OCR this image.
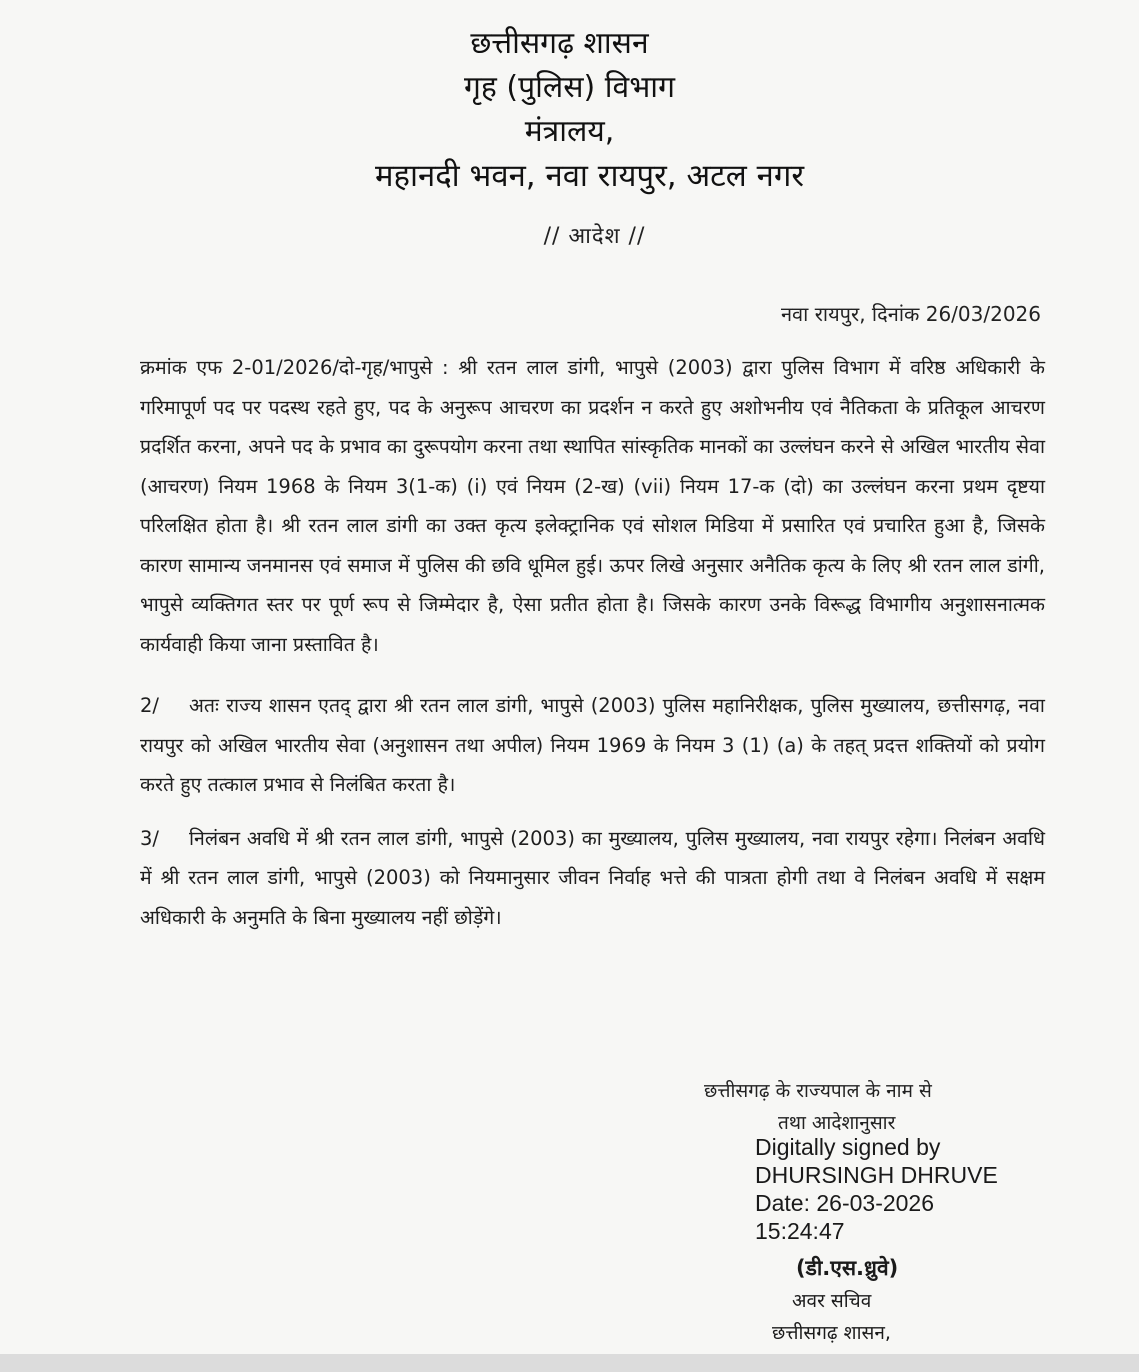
छत्तीसगढ़ शासन
गृह (पुलिस) विभाग
मंत्रालय,
महानदी भवन, नवा रायपुर, अटल नगर
// आदेश //
नवा रायपुर, दिनांक 26/03/2026

क्रमांक एफ 2-01/2026/दो-गृह/भापुसे : श्री रतन लाल डांगी, भापुसे (2003) द्वारा पुलिस विभाग में वरिष्ठ अधिकारी के गरिमापूर्ण पद पर पदस्थ रहते हुए, पद के अनुरूप आचरण का प्रदर्शन न करते हुए अशोभनीय एवं नैतिकता के प्रतिकूल आचरण प्रदर्शित करना, अपने पद के प्रभाव का दुरूपयोग करना तथा स्थापित सांस्कृतिक मानकों का उल्लंघन करने से अखिल भारतीय सेवा (आचरण) नियम 1968 के नियम 3(1-क) (i) एवं नियम (2-ख) (vii) नियम 17-क (दो) का उल्लंघन करना प्रथम दृष्टया परिलक्षित होता है। श्री रतन लाल डांगी का उक्त कृत्य इलेक्ट्रानिक एवं सोशल मिडिया में प्रसारित एवं प्रचारित हुआ है, जिसके कारण सामान्य जनमानस एवं समाज में पुलिस की छवि धूमिल हुई। ऊपर लिखे अनुसार अनैतिक कृत्य के लिए श्री रतन लाल डांगी, भापुसे व्यक्तिगत स्तर पर पूर्ण रूप से जिम्मेदार है, ऐसा प्रतीत होता है। जिसके कारण उनके विरूद्ध विभागीय अनुशासनात्मक कार्यवाही किया जाना प्रस्तावित है।

2/ अतः राज्य शासन एतद् द्वारा श्री रतन लाल डांगी, भापुसे (2003) पुलिस महानिरीक्षक, पुलिस मुख्यालय, छत्तीसगढ़, नवा रायपुर को अखिल भारतीय सेवा (अनुशासन तथा अपील) नियम 1969 के नियम 3 (1) (a) के तहत् प्रदत्त शक्तियों को प्रयोग करते हुए तत्काल प्रभाव से निलंबित करता है।

3/ निलंबन अवधि में श्री रतन लाल डांगी, भापुसे (2003) का मुख्यालय, पुलिस मुख्यालय, नवा रायपुर रहेगा। निलंबन अवधि में श्री रतन लाल डांगी, भापुसे (2003) को नियमानुसार जीवन निर्वाह भत्ते की पात्रता होगी तथा वे निलंबन अवधि में सक्षम अधिकारी के अनुमति के बिना मुख्यालय नहीं छोड़ेंगे।

छत्तीसगढ़ के राज्यपाल के नाम से
तथा आदेशानुसार
Digitally signed by
DHURSINGH DHRUVE
Date: 26-03-2026
15:24:47
(डी.एस.ध्रुवे)
अवर सचिव
छत्तीसगढ़ शासन,
